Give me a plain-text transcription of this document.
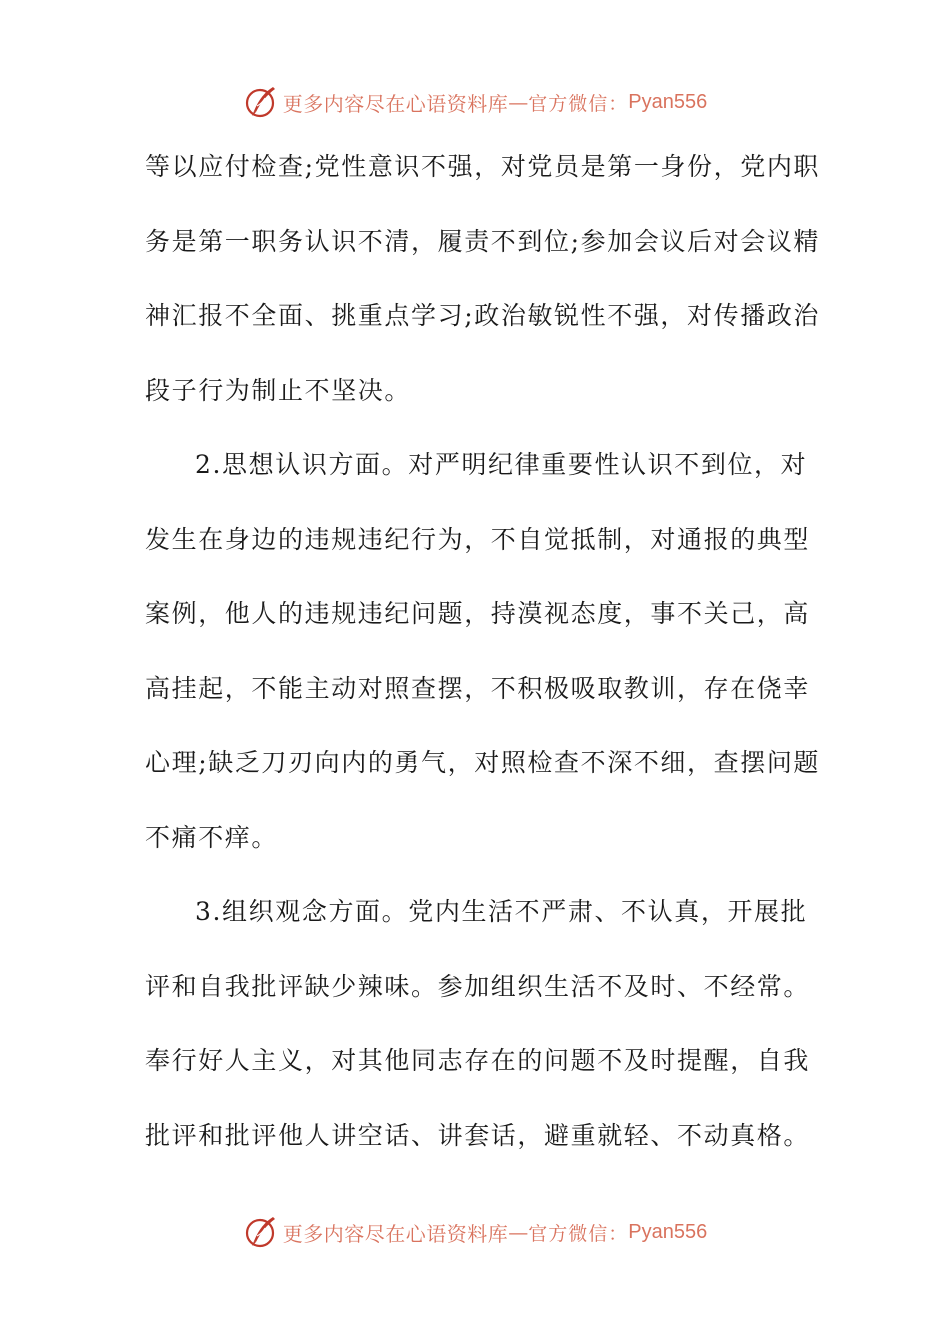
更多内容尽在心语资料库 — 官方微信： Pyan556
等以应付检查;党性意识不强，对党员是第一身份，党内职
务是第一职务认识不清，履责不到位;参加会议后对会议精
神汇报不全面、挑重点学习;政治敏锐性不强，对传播政治
段子行为制止不坚决。
2.思想认识方面。对严明纪律重要性认识不到位，对
发生在身边的违规违纪行为，不自觉抵制，对通报的典型
案例，他人的违规违纪问题，持漠视态度，事不关己，高
高挂起，不能主动对照查摆，不积极吸取教训，存在侥幸
心理;缺乏刀刃向内的勇气，对照检查不深不细，查摆问题
不痛不痒。
3.组织观念方面。党内生活不严肃、不认真，开展批
评和自我批评缺少辣味。参加组织生活不及时、不经常。
奉行好人主义，对其他同志存在的问题不及时提醒，自我
批评和批评他人讲空话、讲套话，避重就轻、不动真格。
更多内容尽在心语资料库 — 官方微信： Pyan556
